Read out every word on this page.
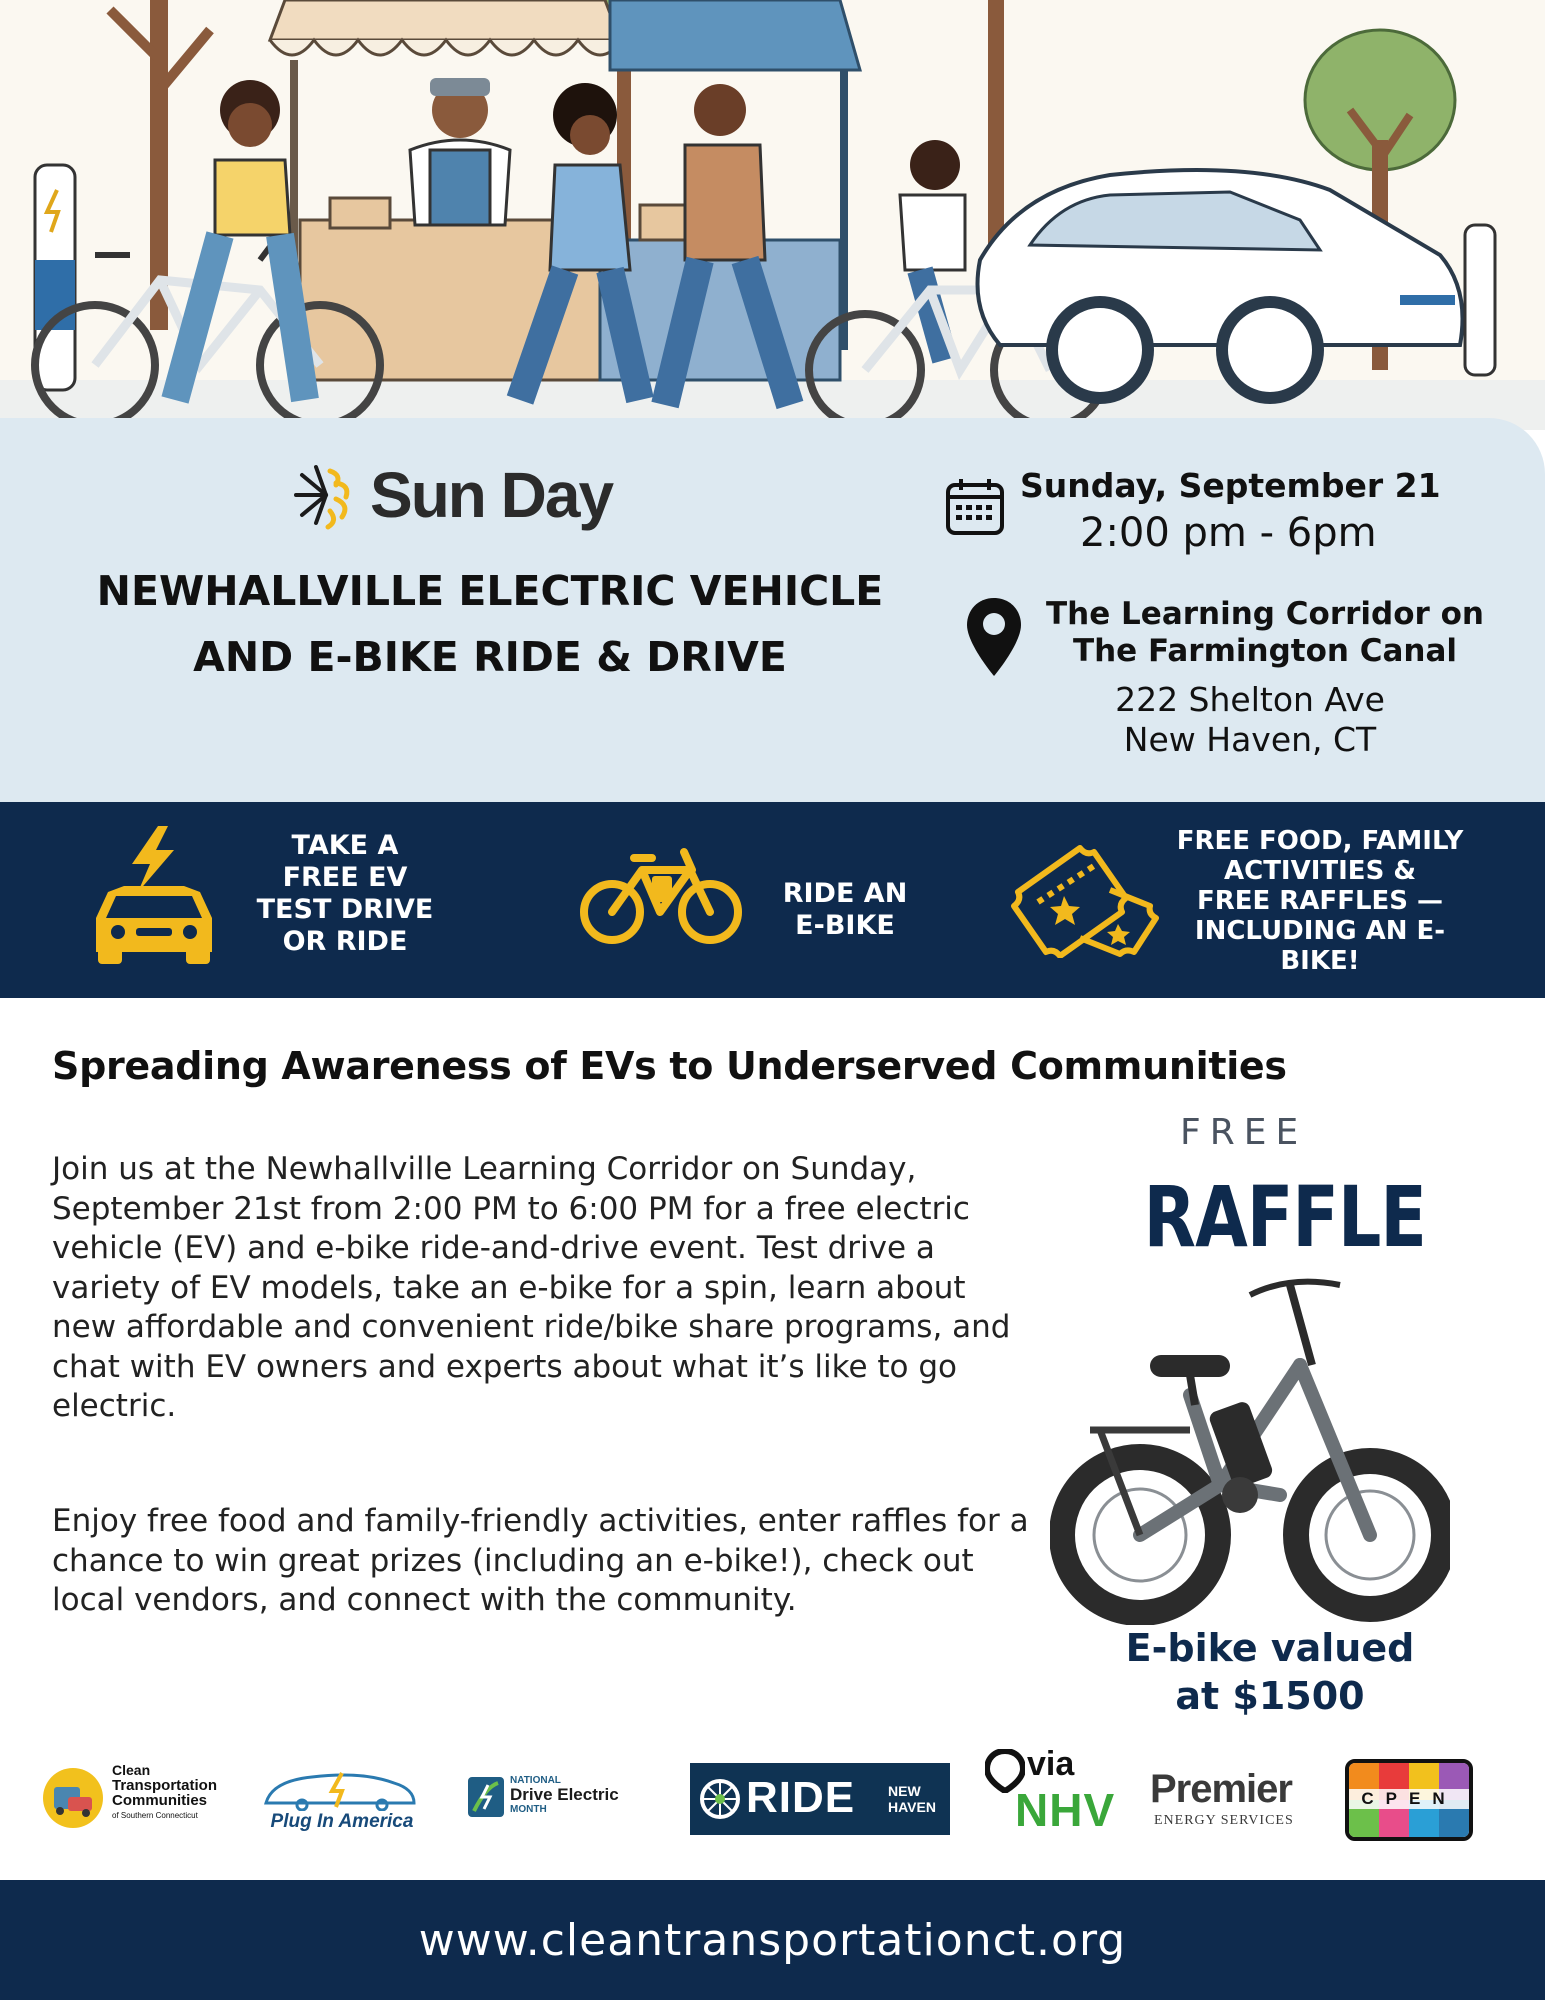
Sun Day
NEWHALLVILLE ELECTRIC VEHICLE
AND E-BIKE RIDE & DRIVE
Sunday, September 21
2:00 pm - 6pm
The Learning Corridor on
The Farmington Canal
222 Shelton Ave
New Haven, CT
TAKE A
FREE EV
TEST DRIVE
OR RIDE
RIDE AN
E-BIKE
FREE FOOD, FAMILY
ACTIVITIES &
FREE RAFFLES —
INCLUDING AN E-
BIKE!
Spreading Awareness of EVs to Underserved Communities

Join us at the Newhallville Learning Corridor on Sunday, September 21st from 2:00 PM to 6:00 PM for a free electric vehicle (EV) and e-bike ride-and-drive event. Test drive a variety of EV models, take an e-bike for a spin, learn about new affordable and convenient ride/bike share programs, and chat with EV owners and experts about what it’s like to go electric.

Enjoy free food and family-friendly activities, enter raffles for a chance to win great prizes (including an e-bike!), check out local vendors, and connect with the community.

FREE
RAFFLE
E-bike valued
at $1500
Clean
Transportation
Communities
of Southern Connecticut	Plug In America
NATIONAL
Drive Electric
MONTH	RIDE NEW
HAVEN
via
NHV Premier
ENERGY SERVICES
CPEN
www.cleantransportationct.org
